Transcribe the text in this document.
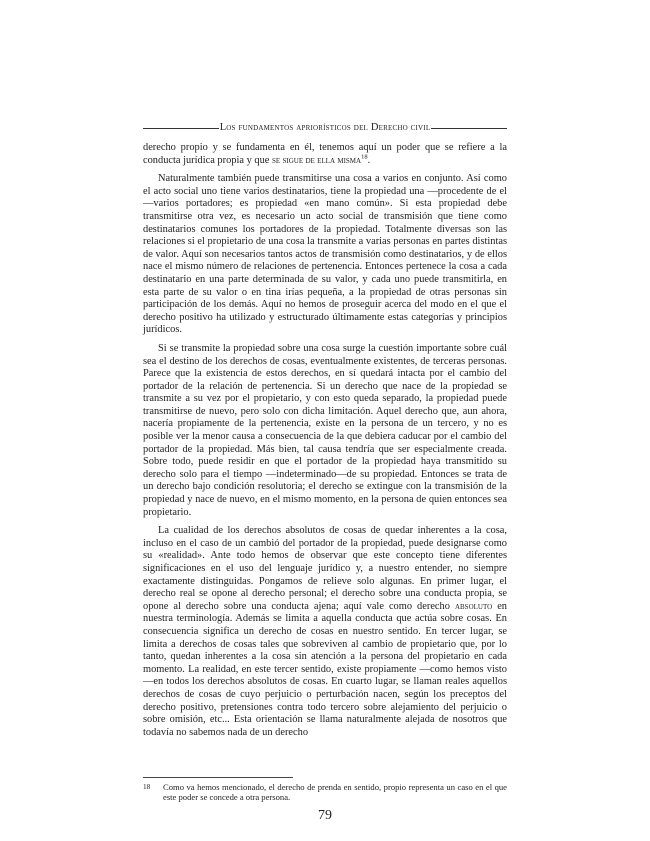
Los fundamentos apriorísticos del Derecho civil

derecho propio y se fundamenta en él, tenemos aquí un poder que se refiere a la conducta jurídica propia y que se sigue de ella misma$^{18}$.

Naturalmente también puede transmitirse una cosa a varios en conjunto. Así como el acto social uno tiene varios destinatarios, tiene la propiedad una —procedente de el—varios portadores; es propiedad «en mano común». Si esta propiedad debe transmitirse otra vez, es necesario un acto social de transmisión que tiene como destinatarios comunes los portadores de la propiedad. Totalmente diversas son las relaciones si el propietario de una cosa la transmite a varias personas en partes distintas de valor. Aquí son necesarios tantos actos de transmisión como destinatarios, y de ellos nace el mismo número de relaciones de pertenencia. Entonces pertenece la cosa a cada destinatario en una parte determinada de su valor, y cada uno puede transmitirla, en esta parte de su valor o en tina irías pequeña, a la propiedad de otras personas sin participación de los demás. Aquí no hemos de proseguir acerca del modo en el que el derecho positivo ha utilizado y estructurado últimamente estas categorías y principios jurídicos.

Si se transmite la propiedad sobre una cosa surge la cuestión importante sobre cuál sea el destino de los derechos de cosas, eventualmente existentes, de terceras personas. Parece que la existencia de estos derechos, en sí quedará intacta por el cambio del portador de la relación de pertenencia. Si un derecho que nace de la propiedad se transmite a su vez por el propietario, y con esto queda separado, la propiedad puede transmitirse de nuevo, pero solo con dicha limitación. Aquel derecho que, aun ahora, nacería propiamente de la pertenencia, existe en la persona de un tercero, y no es posible ver la menor causa a consecuencia de la que debiera caducar por el cambio del portador de la propiedad. Más bien, tal causa tendría que ser especialmente creada. Sobre todo, puede residir en que el portador de la propiedad haya transmitido su derecho solo para el tiempo —indeterminado—de su propiedad. Entonces se trata de un derecho bajo condición resolutoria; el derecho se extingue con la transmisión de la propiedad y nace de nuevo, en el mismo momento, en la persona de quien entonces sea propietario.

La cualidad de los derechos absolutos de cosas de quedar inherentes a la cosa, incluso en el caso de un cambió del portador de la propiedad, puede designarse como su «realidad». Ante todo hemos de observar que este concepto tiene diferentes significaciones en el uso del lenguaje jurídico y, a nuestro entender, no siempre exactamente distinguidas. Pongamos de relieve solo algunas. En primer lugar, el derecho real se opone al derecho personal; el derecho sobre una conducta propia, se opone al derecho sobre una conducta ajena; aquí vale como derecho absoluto en nuestra terminología. Además se limita a aquella conducta que actúa sobre cosas. En consecuencia significa un derecho de cosas en nuestro sentido. En tercer lugar, se limita a derechos de cosas tales que sobreviven al cambio de propietario que, por lo tanto, quedan inherentes a la cosa sin atención a la persona del propietario en cada momento. La realidad, en este tercer sentido, existe propiamente —como hemos visto—en todos los derechos absolutos de cosas. En cuarto lugar, se llaman reales aquellos derechos de cosas de cuyo perjuicio o perturbación nacen, según los preceptos del derecho positivo, pretensiones contra todo tercero sobre alejamiento del perjuicio o sobre omisión, etc... Esta orientación se llama naturalmente alejada de nosotros que todavía no sabemos nada de un derecho

18	Como va hemos mencionado, el derecho de prenda en sentido, propio representa un caso en el que este poder se concede a otra persona.
79
